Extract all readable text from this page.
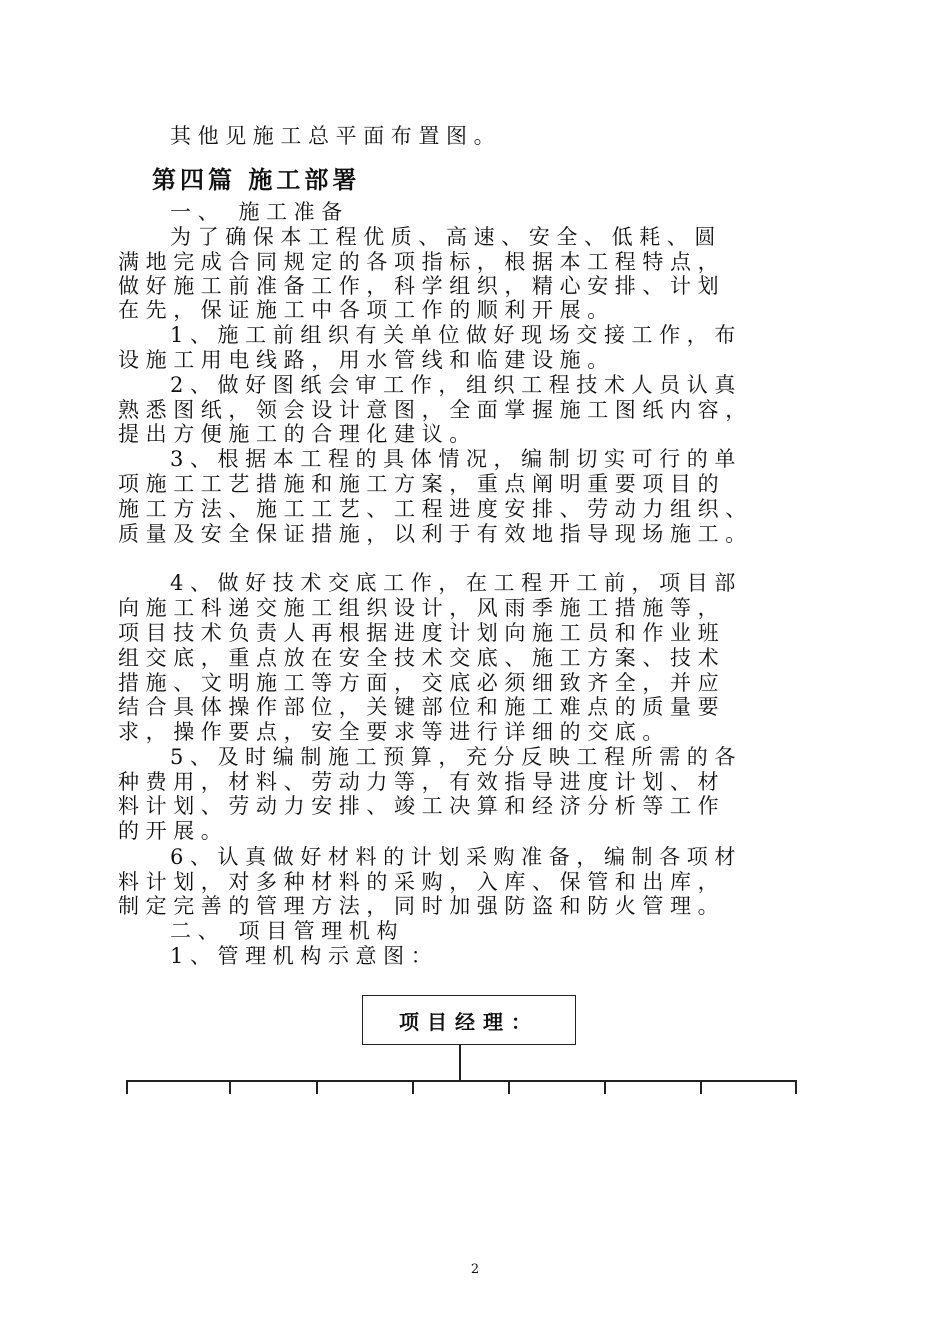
其他见施工总平面布置图。
第四篇 施工部署
一、 施工准备
为了确保本工程优质、高速、安全、低耗、圆
满地完成合同规定的各项指标，根据本工程特点，
做好施工前准备工作，科学组织，精心安排、计划
在先，保证施工中各项工作的顺利开展。
1、施工前组织有关单位做好现场交接工作，布
设施工用电线路，用水管线和临建设施。
2、做好图纸会审工作，组织工程技术人员认真
熟悉图纸，领会设计意图，全面掌握施工图纸内容，
提出方便施工的合理化建议。
3、根据本工程的具体情况，编制切实可行的单
项施工工艺措施和施工方案，重点阐明重要项目的
施工方法、施工工艺、工程进度安排、劳动力组织、
质量及安全保证措施，以利于有效地指导现场施工。
4、做好技术交底工作，在工程开工前，项目部
向施工科递交施工组织设计，风雨季施工措施等，
项目技术负责人再根据进度计划向施工员和作业班
组交底，重点放在安全技术交底、施工方案、技术
措施、文明施工等方面，交底必须细致齐全，并应
结合具体操作部位，关键部位和施工难点的质量要
求，操作要点，安全要求等进行详细的交底。
5、及时编制施工预算，充分反映工程所需的各
种费用，材料、劳动力等，有效指导进度计划、材
料计划、劳动力安排、竣工决算和经济分析等工作
的开展。
6、认真做好材料的计划采购准备，编制各项材
料计划，对多种材料的采购，入库、保管和出库，
制定完善的管理方法，同时加强防盗和防火管理。
二、 项目管理机构
1、管理机构示意图：
项目经理：
2
